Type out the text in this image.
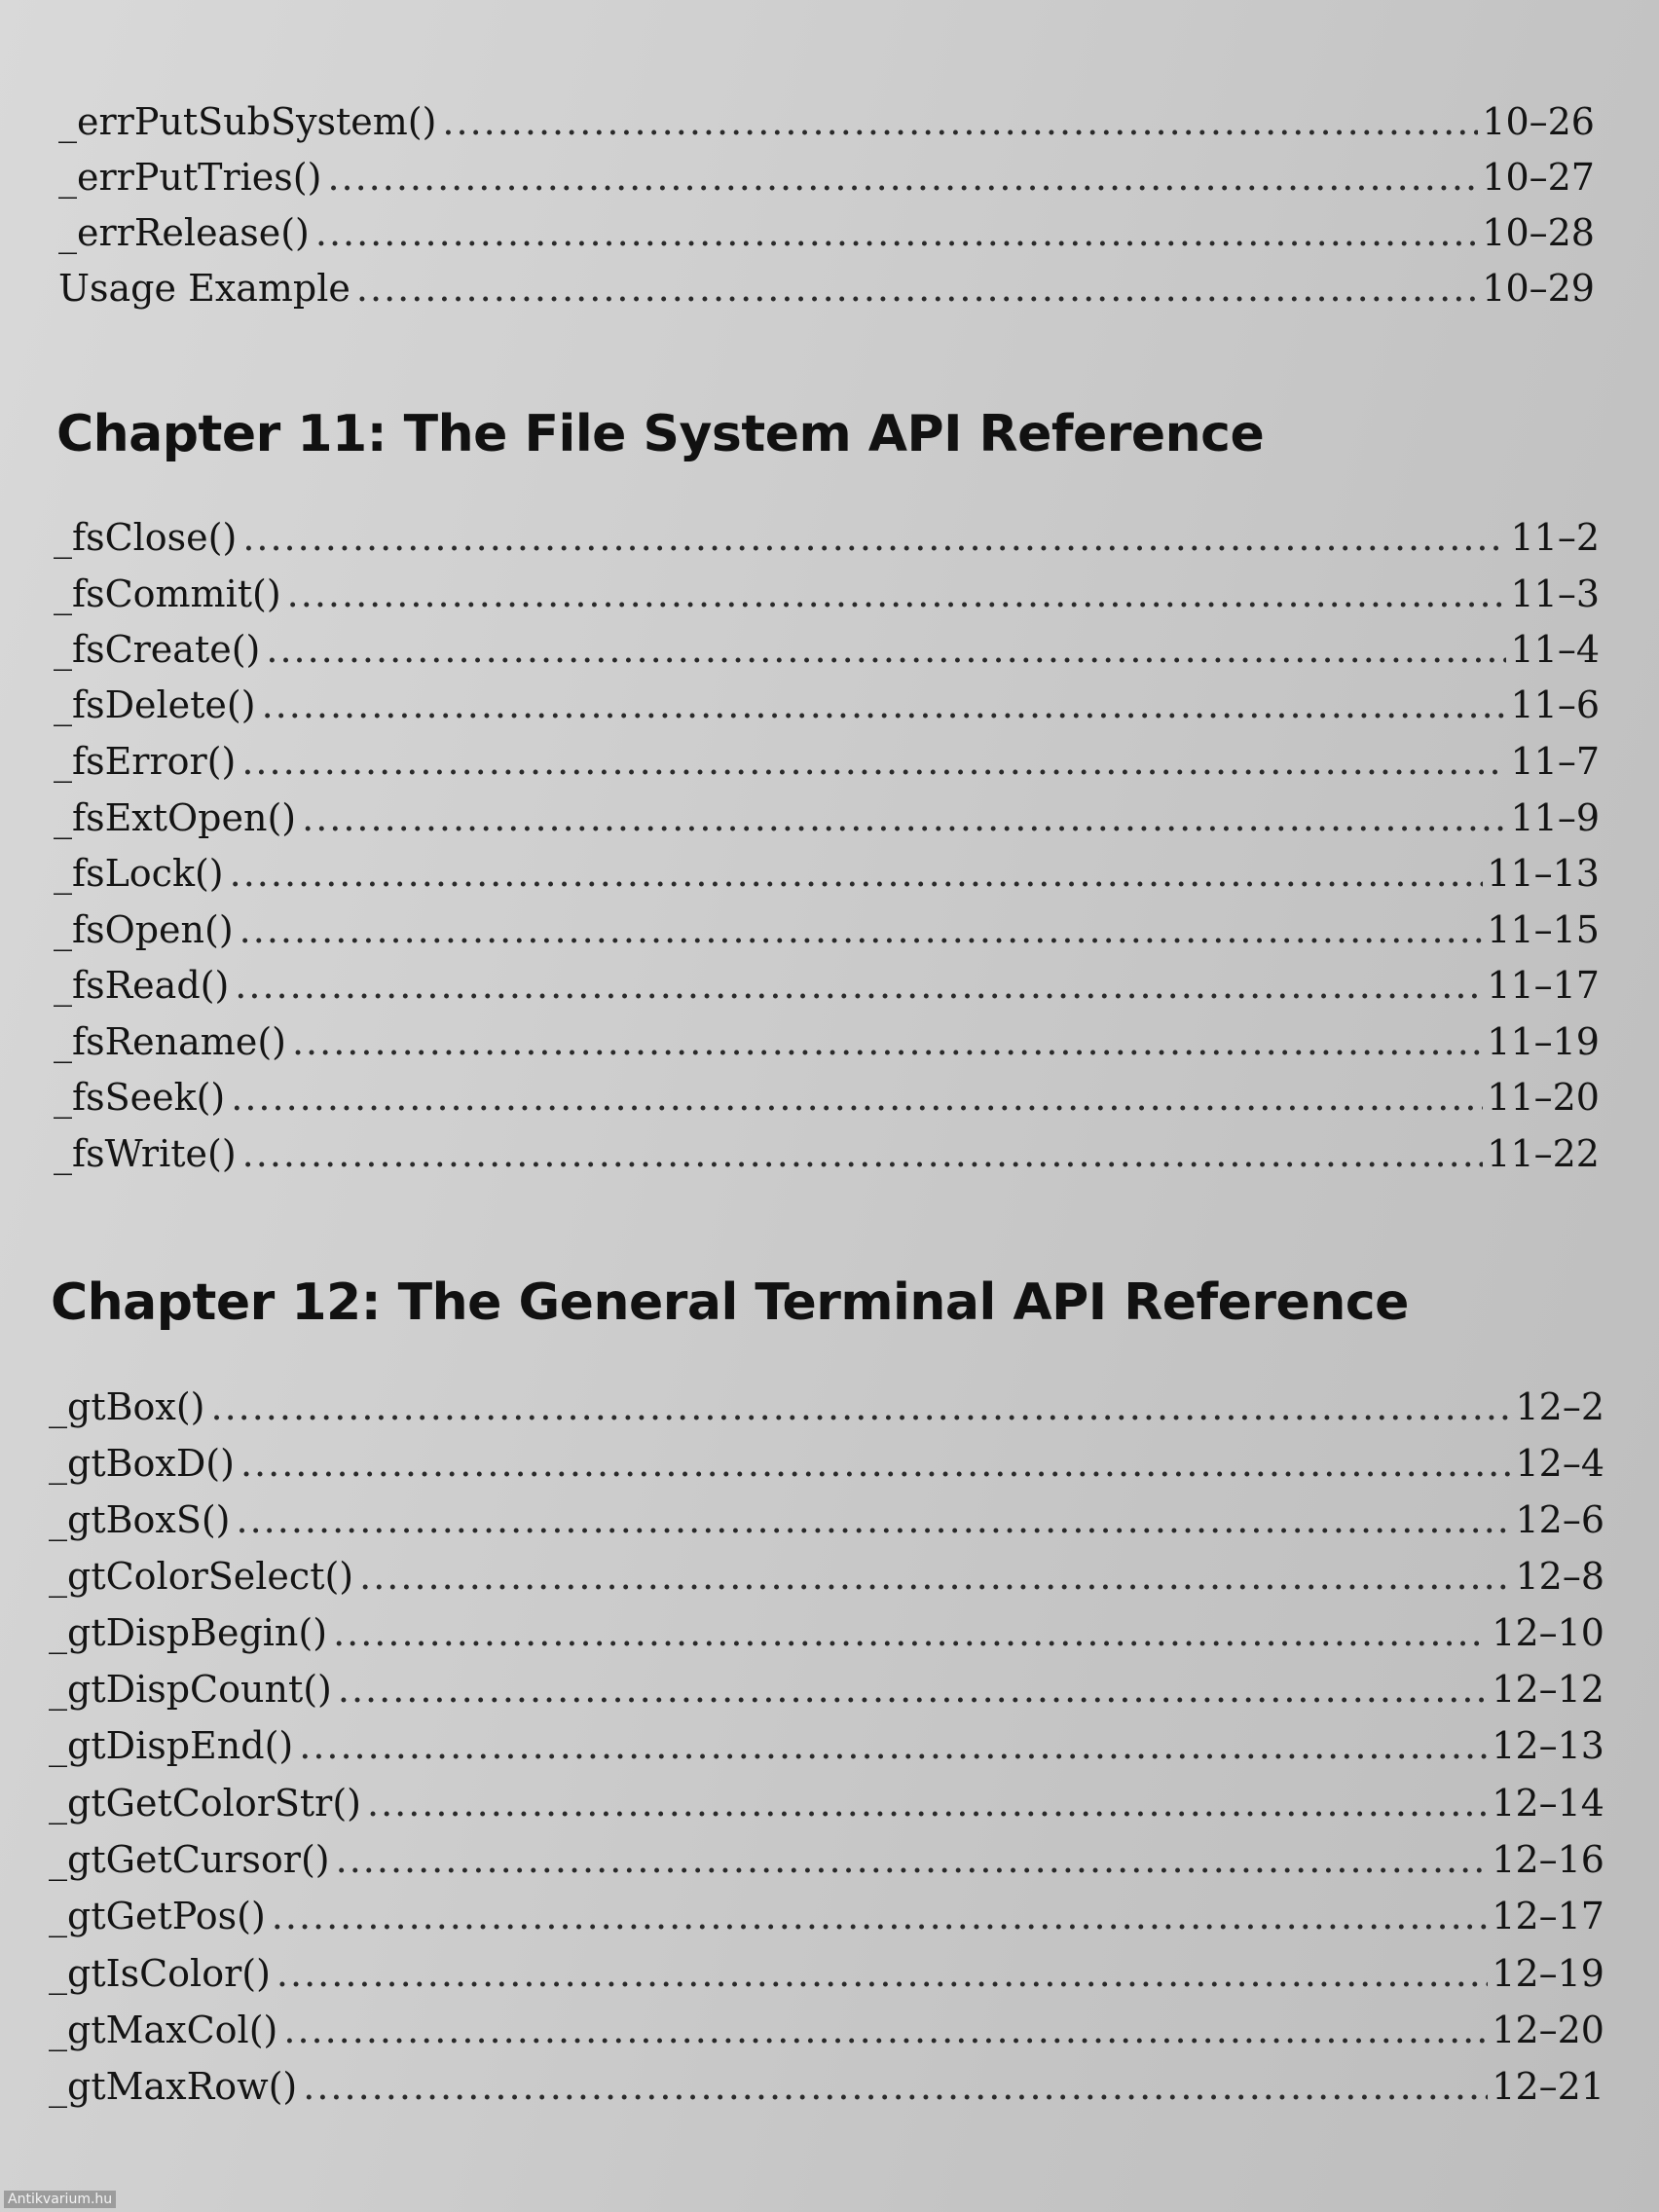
_errPutSubSystem() .....	10–26
_errPutTries() .....	10–27
_errRelease() .....	10–28
Usage Example .....	10–29
Chapter 11: The File System API Reference
_fsClose() .....	11–2
_fsCommit() .....	11–3
_fsCreate() .....	11–4
_fsDelete() .....	11–6
_fsError() .....	11–7
_fsExtOpen() .....	11–9
_fsLock() .....	11–13
_fsOpen() .....	11–15
_fsRead() .....	11–17
_fsRename() .....	11–19
_fsSeek() .....	11–20
_fsWrite() .....	11–22
Chapter 12: The General Terminal API Reference
_gtBox() .....	12–2
_gtBoxD() .....	12–4
_gtBoxS() .....	12–6
_gtColorSelect() .....	12–8
_gtDispBegin() .....	12–10
_gtDispCount() .....	12–12
_gtDispEnd() .....	12–13
_gtGetColorStr() .....	12–14
_gtGetCursor() .....	12–16
_gtGetPos() .....	12–17
_gtIsColor() .....	12–19
_gtMaxCol() .....	12–20
_gtMaxRow() .....	12–21
Antikvarium.hu
